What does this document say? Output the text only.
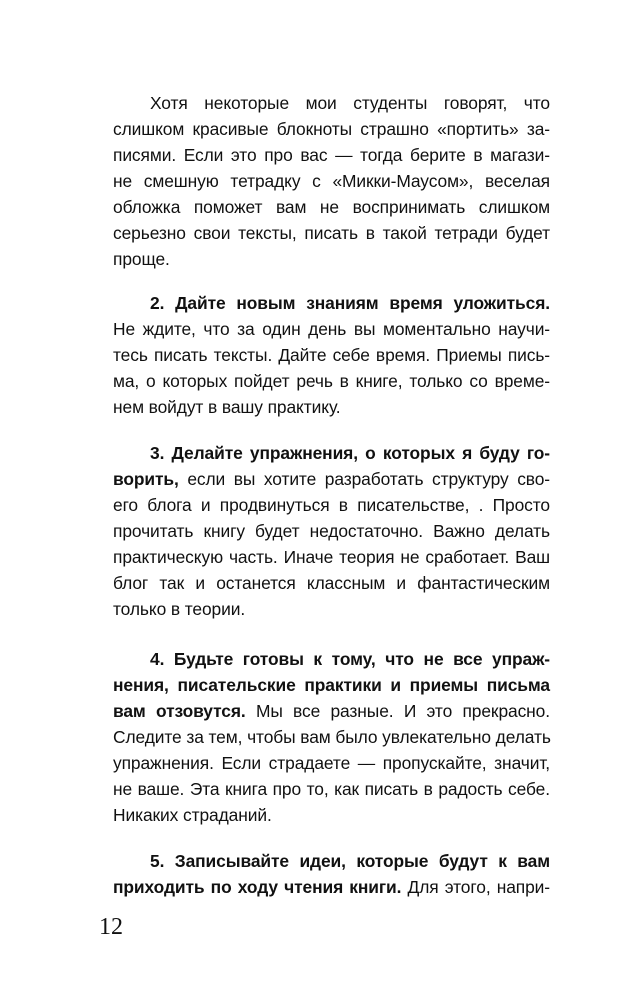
Хотя некоторые мои студенты говорят, что
слишком красивые блокноты страшно «портить» за-
писями. Если это про вас — тогда берите в магази-
не смешную тетрадку с «Микки-Маусом», веселая
обложка поможет вам не воспринимать слишком
серьезно свои тексты, писать в такой тетради будет
проще.
2. Дайте новым знаниям время уложиться.
Не ждите, что за один день вы моментально научи-
тесь писать тексты. Дайте себе время. Приемы пись-
ма, о которых пойдет речь в книге, только со време-
нем войдут в вашу практику.
3. Делайте упражнения, о которых я буду го-
ворить, если вы хотите разработать структуру сво-
его блога и продвинуться в писательстве, . Просто
прочитать книгу будет недостаточно. Важно делать
практическую часть. Иначе теория не сработает. Ваш
блог так и останется классным и фантастическим
только в теории.
4. Будьте готовы к тому, что не все упраж-
нения, писательские практики и приемы письма
вам отзовутся. Мы все разные. И это прекрасно.
Следите за тем, чтобы вам было увлекательно делать
упражнения. Если страдаете — пропускайте, значит,
не ваше. Эта книга про то, как писать в радость себе.
Никаких страданий.
5. Записывайте идеи, которые будут к вам
приходить по ходу чтения книги. Для этого, напри-
12
